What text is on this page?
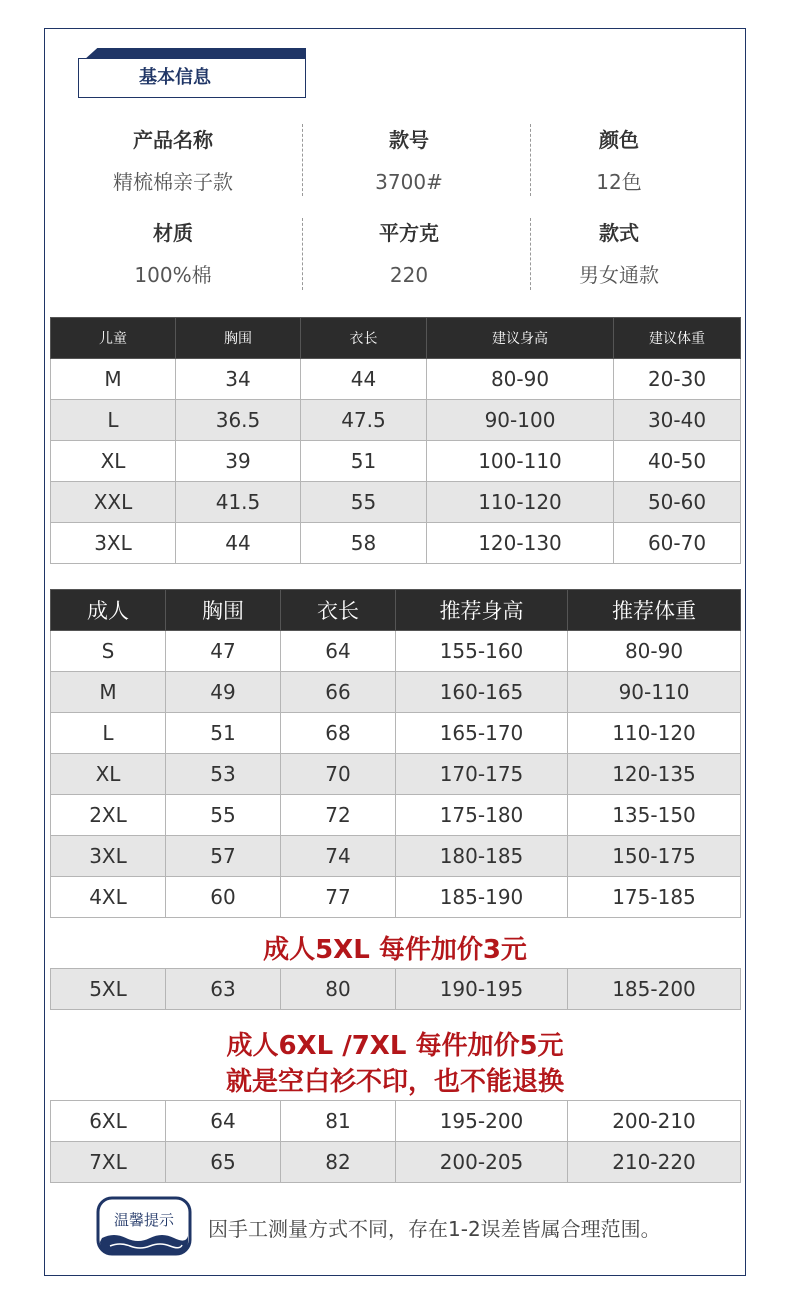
基本信息
产品名称
精梳棉亲子款
款号
3700#
颜色
12色
材质
100%棉
平方克
220
款式
男女通款
儿童	胸围	衣长	建议身高	建议体重
M	34	44	80-90	20-30
L	36.5	47.5	90-100	30-40
XL	39	51	100-110	40-50
XXL	41.5	55	110-120	50-60
3XL	44	58	120-130	60-70
成人	胸围	衣长	推荐身高	推荐体重
S	47	64	155-160	80-90
M	49	66	160-165	90-110
L	51	68	165-170	110-120
XL	53	70	170-175	120-135
2XL	55	72	175-180	135-150
3XL	57	74	180-185	150-175
4XL	60	77	185-190	175-185
成人5XL 每件加价3元
5XL	63	80	190-195	185-200
成人6XL /7XL 每件加价5元
就是空白衫不印，也不能退换
6XL	64	81	195-200	200-210
7XL	65	82	200-205	210-220
温馨提示	因手工测量方式不同，存在1-2误差皆属合理范围。
